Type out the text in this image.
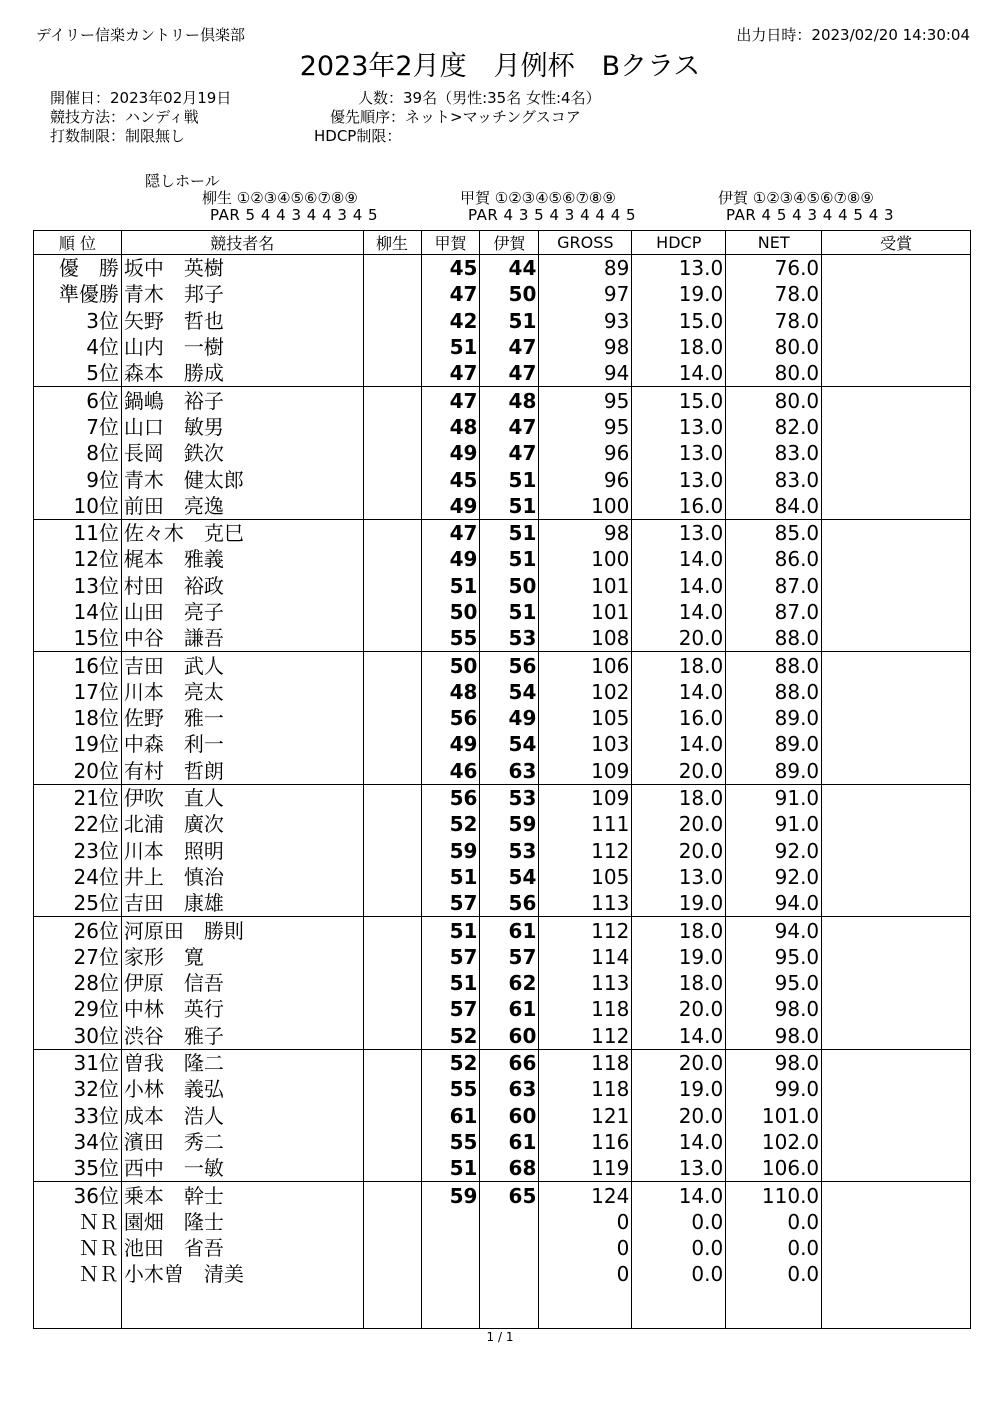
デイリー信楽カントリー倶楽部	出力日時：2023/02/20 14:30:04
2023年2月度　月例杯　Bクラス
開催日：2023年02月19日
競技方法：ハンディ戦
打数制限：制限無し
人数：39名（男性:35名 女性:4名）
優先順序：ネット>マッチングスコア
HDCP制限：
隠しホール
柳生 ①②③④⑤⑥⑦⑧⑨
PAR 5 4 4 3 4 4 3 4 5
甲賀 ①②③④⑤⑥⑦⑧⑨
PAR 4 3 5 4 3 4 4 4 5
伊賀 ①②③④⑤⑥⑦⑧⑨
PAR 4 5 4 3 4 4 5 4 3
順 位	競技者名	柳生	甲賀	伊賀	GROSS	HDCP	NET	受賞
優　勝	坂中　英樹		45	44	89	13.0	76.0	
準優勝	青木　邦子		47	50	97	19.0	78.0	
3位	矢野　哲也		42	51	93	15.0	78.0	
4位	山内　一樹		51	47	98	18.0	80.0	
5位	森本　勝成		47	47	94	14.0	80.0	
6位	鍋嶋　裕子		47	48	95	15.0	80.0	
7位	山口　敏男		48	47	95	13.0	82.0	
8位	長岡　鉄次		49	47	96	13.0	83.0	
9位	青木　健太郎		45	51	96	13.0	83.0	
10位	前田　亮逸		49	51	100	16.0	84.0	
11位	佐々木　克巳		47	51	98	13.0	85.0	
12位	梶本　雅義		49	51	100	14.0	86.0	
13位	村田　裕政		51	50	101	14.0	87.0	
14位	山田　亮子		50	51	101	14.0	87.0	
15位	中谷　謙吾		55	53	108	20.0	88.0	
16位	吉田　武人		50	56	106	18.0	88.0	
17位	川本　亮太		48	54	102	14.0	88.0	
18位	佐野　雅一		56	49	105	16.0	89.0	
19位	中森　利一		49	54	103	14.0	89.0	
20位	有村　哲朗		46	63	109	20.0	89.0	
21位	伊吹　直人		56	53	109	18.0	91.0	
22位	北浦　廣次		52	59	111	20.0	91.0	
23位	川本　照明		59	53	112	20.0	92.0	
24位	井上　慎治		51	54	105	13.0	92.0	
25位	吉田　康雄		57	56	113	19.0	94.0	
26位	河原田　勝則		51	61	112	18.0	94.0	
27位	家形　寛		57	57	114	19.0	95.0	
28位	伊原　信吾		51	62	113	18.0	95.0	
29位	中林　英行		57	61	118	20.0	98.0	
30位	渋谷　雅子		52	60	112	14.0	98.0	
31位	曽我　隆二		52	66	118	20.0	98.0	
32位	小林　義弘		55	63	118	19.0	99.0	
33位	成本　浩人		61	60	121	20.0	101.0	
34位	濱田　秀二		55	61	116	14.0	102.0	
35位	西中　一敏		51	68	119	13.0	106.0	
36位	乗本　幹士		59	65	124	14.0	110.0	
ＮＲ	園畑　隆士				0	0.0	0.0	
ＮＲ	池田　省吾				0	0.0	0.0	
ＮＲ	小木曽　清美				0	0.0	0.0	

1 / 1
